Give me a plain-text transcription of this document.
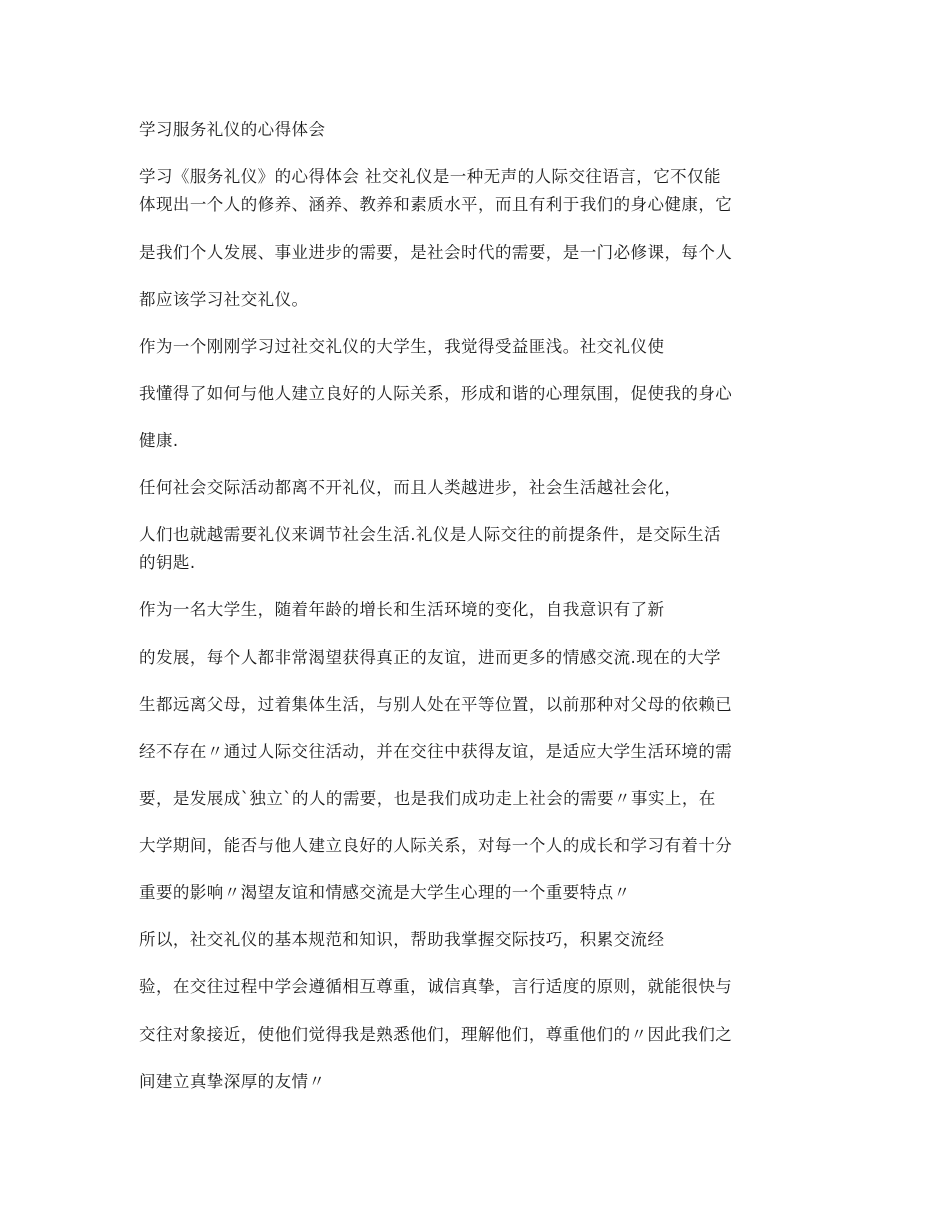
学习服务礼仪的心得体会
学习《服务礼仪》的心得体会 社交礼仪是一种无声的人际交往语言，它不仅能
体现出一个人的修养、涵养、教养和素质水平，而且有利于我们的身心健康，它
是我们个人发展、事业进步的需要，是社会时代的需要，是一门必修课，每个人
都应该学习社交礼仪。
作为一个刚刚学习过社交礼仪的大学生，我觉得受益匪浅。社交礼仪使
我懂得了如何与他人建立良好的人际关系，形成和谐的心理氛围，促使我的身心
健康.
任何社会交际活动都离不开礼仪，而且人类越进步，社会生活越社会化，
人们也就越需要礼仪来调节社会生活.礼仪是人际交往的前提条件，是交际生活
的钥匙.
作为一名大学生，随着年龄的增长和生活环境的变化，自我意识有了新
的发展，每个人都非常渴望获得真正的友谊，进而更多的情感交流.现在的大学
生都远离父母，过着集体生活，与别人处在平等位置，以前那种对父母的依赖已
经不存在〃通过人际交往活动，并在交往中获得友谊，是适应大学生活环境的需
要，是发展成`独立`的人的需要，也是我们成功走上社会的需要〃事实上，在
大学期间，能否与他人建立良好的人际关系，对每一个人的成长和学习有着十分
重要的影响〃渴望友谊和情感交流是大学生心理的一个重要特点〃
所以，社交礼仪的基本规范和知识，帮助我掌握交际技巧，积累交流经
验，在交往过程中学会遵循相互尊重，诚信真挚，言行适度的原则，就能很快与
交往对象接近，使他们觉得我是熟悉他们，理解他们，尊重他们的〃因此我们之
间建立真挚深厚的友情〃
